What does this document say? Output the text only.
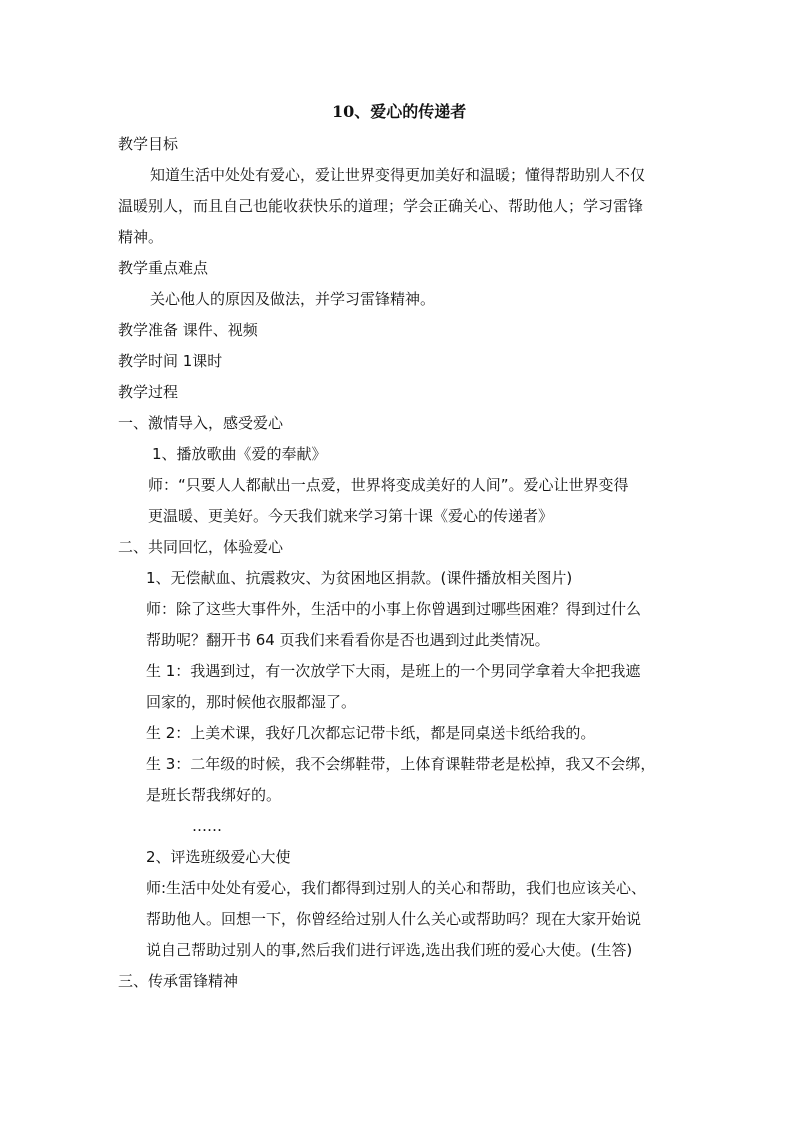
10、爱心的传递者
教学目标
知道生活中处处有爱心，爱让世界变得更加美好和温暖；懂得帮助别人不仅
温暖别人，而且自己也能收获快乐的道理；学会正确关心、帮助他人；学习雷锋
精神。
教学重点难点
关心他人的原因及做法，并学习雷锋精神。
教学准备 课件、视频
教学时间 1课时
教学过程
一、激情导入，感受爱心
1、播放歌曲《爱的奉献》
师：“只要人人都献出一点爱，世界将变成美好的人间”。爱心让世界变得
更温暖、更美好。今天我们就来学习第十课《爱心的传递者》
二、共同回忆，体验爱心
1、无偿献血、抗震救灾、为贫困地区捐款。(课件播放相关图片)
师：除了这些大事件外，生活中的小事上你曾遇到过哪些困难？得到过什么
帮助呢？翻开书 64 页我们来看看你是否也遇到过此类情况。
生 1：我遇到过，有一次放学下大雨，是班上的一个男同学拿着大伞把我遮
回家的，那时候他衣服都湿了。
生 2：上美术课，我好几次都忘记带卡纸，都是同桌送卡纸给我的。
生 3：二年级的时候，我不会绑鞋带，上体育课鞋带老是松掉，我又不会绑，
是班长帮我绑好的。
……
2、评选班级爱心大使
师:生活中处处有爱心，我们都得到过别人的关心和帮助，我们也应该关心、
帮助他人。回想一下，你曾经给过别人什么关心或帮助吗？现在大家开始说
说自己帮助过别人的事,然后我们进行评选,选出我们班的爱心大使。(生答)
三、传承雷锋精神
